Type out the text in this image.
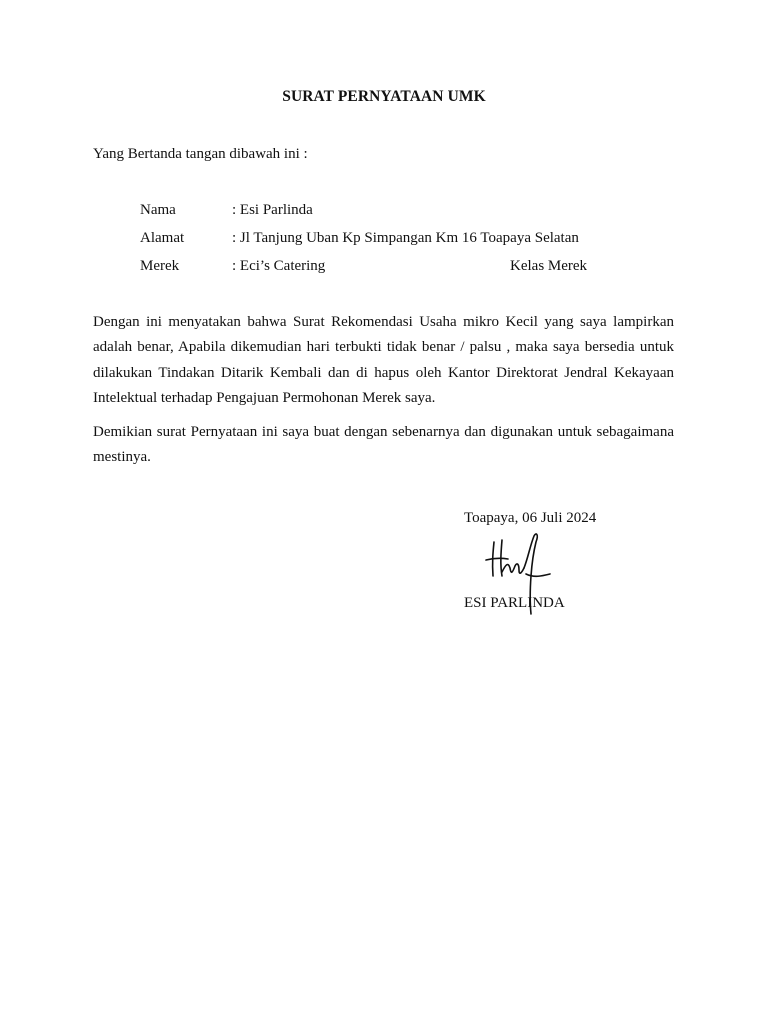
SURAT PERNYATAAN UMK
Yang Bertanda tangan dibawah ini :
Nama	: Esi Parlinda
Alamat	: Jl Tanjung Uban Kp Simpangan Km 16 Toapaya Selatan
Merek	: Eci’s Catering	Kelas Merek

Dengan ini menyatakan bahwa Surat Rekomendasi Usaha mikro Kecil yang saya lampirkan adalah benar, Apabila dikemudian hari terbukti tidak benar / palsu , maka saya bersedia untuk dilakukan Tindakan Ditarik Kembali dan di hapus oleh Kantor Direktorat Jendral Kekayaan Intelektual terhadap Pengajuan Permohonan Merek saya.

Demikian surat Pernyataan ini saya buat dengan sebenarnya dan digunakan untuk sebagaimana mestinya.

Toapaya, 06 Juli 2024
ESI PARLINDA
